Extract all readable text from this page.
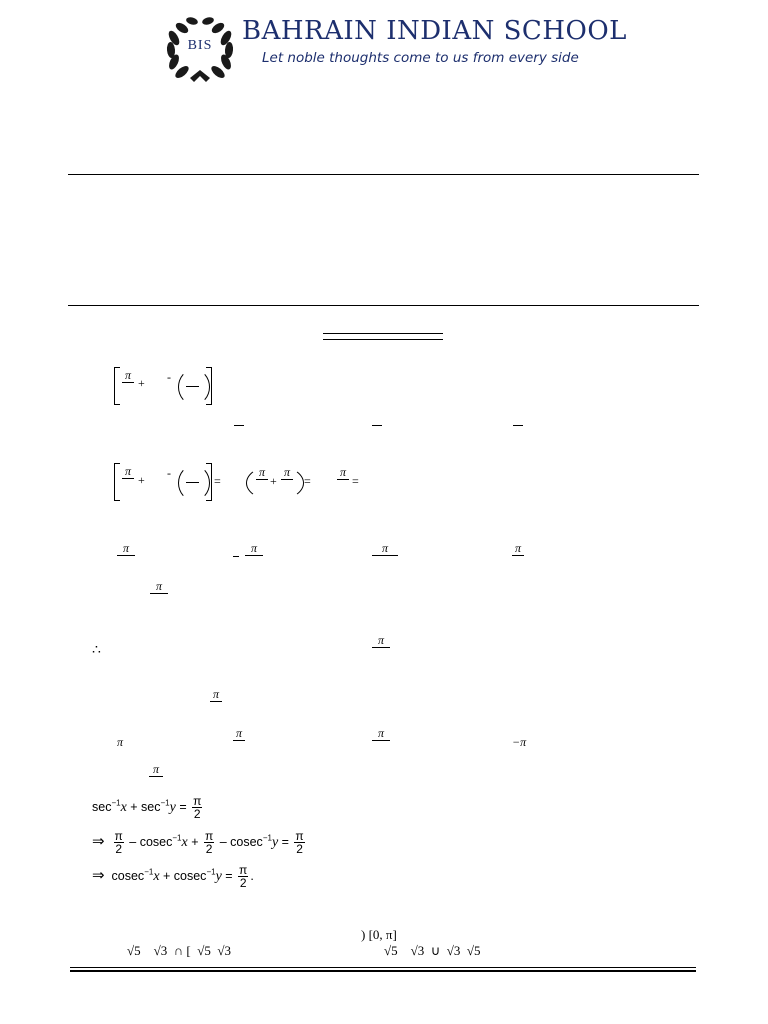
BIS BAHRAIN INDIAN SCHOOL
Let noble thoughts come to us from every side
π
+ -
π
+ -
=
π
+
π
=
π
=
π	π	π	π
π
∴
π
π
π
π	π
−π
π
$\sec^{-1}x + \sec^{-1}y = \frac{\pi}{2}$
⇒ $\frac{\pi}{2} - cosec^{-1}x + \frac{\pi}{2} - cosec^{-1}y = \frac{\pi}{2}$
⇒ $cosec^{-1}x + cosec^{-1}y = \frac{\pi}{2}$ .
) [0, π]
√5    √3  ∩ [  √5  √3	√5    √3  ∪  √3  √5
